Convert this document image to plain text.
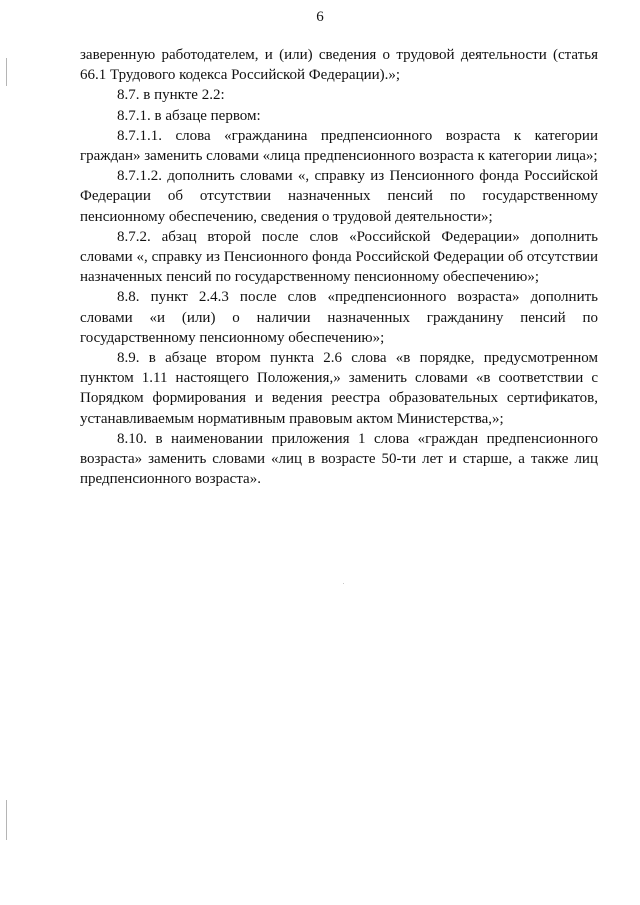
6

заверенную работодателем, и (или) сведения о трудовой деятельности (статья 66.1 Трудового кодекса Российской Федерации).»;

8.7. в пункте 2.2:

8.7.1. в абзаце первом:

8.7.1.1. слова «гражданина предпенсионного возраста к категории граждан» заменить словами «лица предпенсионного возраста к категории лица»;

8.7.1.2. дополнить словами «, справку из Пенсионного фонда Российской Федерации об отсутствии назначенных пенсий по государственному пенсионному обеспечению, сведения о трудовой деятельности»;

8.7.2. абзац второй после слов «Российской Федерации» дополнить словами «, справку из Пенсионного фонда Российской Федерации об отсутствии назначенных пенсий по государственному пенсионному обеспечению»;

8.8. пункт 2.4.3 после слов «предпенсионного возраста» дополнить словами «и (или) о наличии назначенных гражданину пенсий по государственному пенсионному обеспечению»;

8.9. в абзаце втором пункта 2.6 слова «в порядке, предусмотренном пунктом 1.11 настоящего Положения,» заменить словами «в соответствии с Порядком формирования и ведения реестра образовательных сертификатов, устанавливаемым нормативным правовым актом Министерства,»;

8.10. в наименовании приложения 1 слова «граждан предпенсионного возраста» заменить словами «лиц в возрасте 50-ти лет и старше, а также лиц предпенсионного возраста».
